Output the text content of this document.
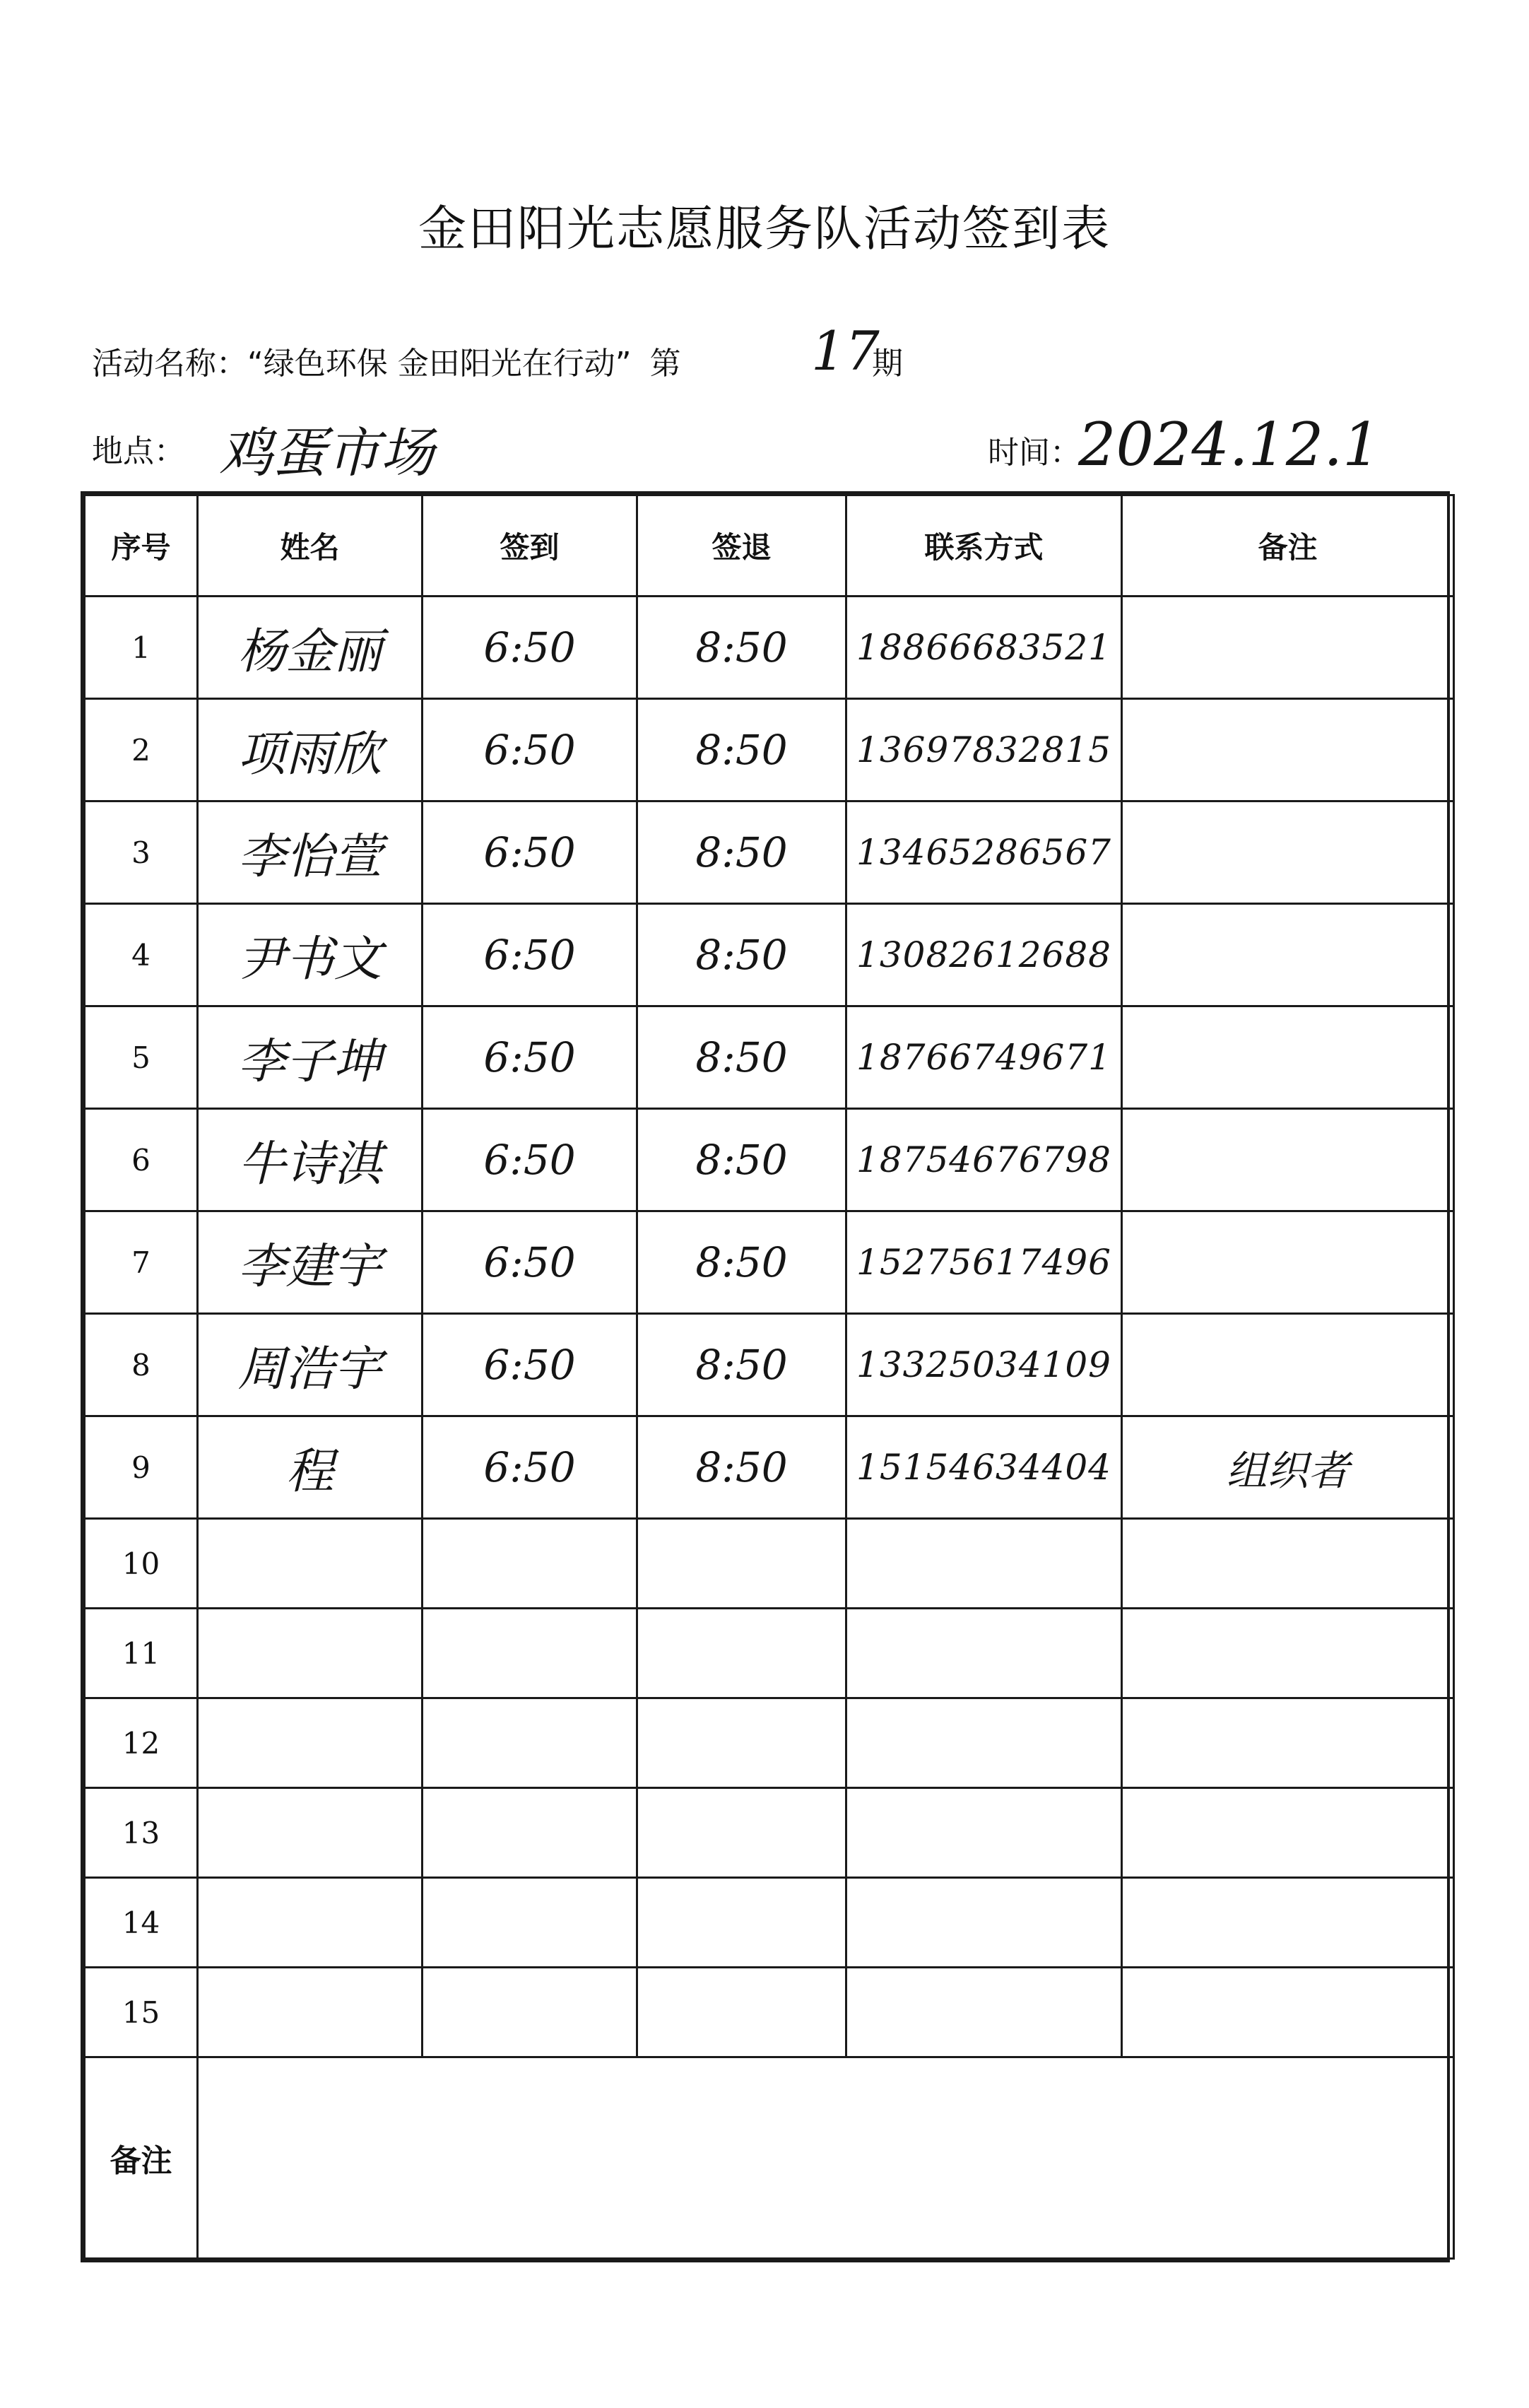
金田阳光志愿服务队活动签到表
活动名称：“绿色环保 金田阳光在行动” 第 17
期
地点： 鸡蛋市场	时间：
2024.12.1
序号	姓名	签到	签退	联系方式	备注
1	杨金丽	6:50	8:50	18866683521	
2	项雨欣	6:50	8:50	13697832815	
3	李怡萱	6:50	8:50	13465286567	
4	尹书文	6:50	8:50	13082612688	
5	李子坤	6:50	8:50	18766749671	
6	牛诗淇	6:50	8:50	18754676798	
7	李建宇	6:50	8:50	15275617496	
8	周浩宇	6:50	8:50	13325034109	
9	程	6:50	8:50	15154634404	组织者
10					
11					
12					
13					
14					
15					
备注					
